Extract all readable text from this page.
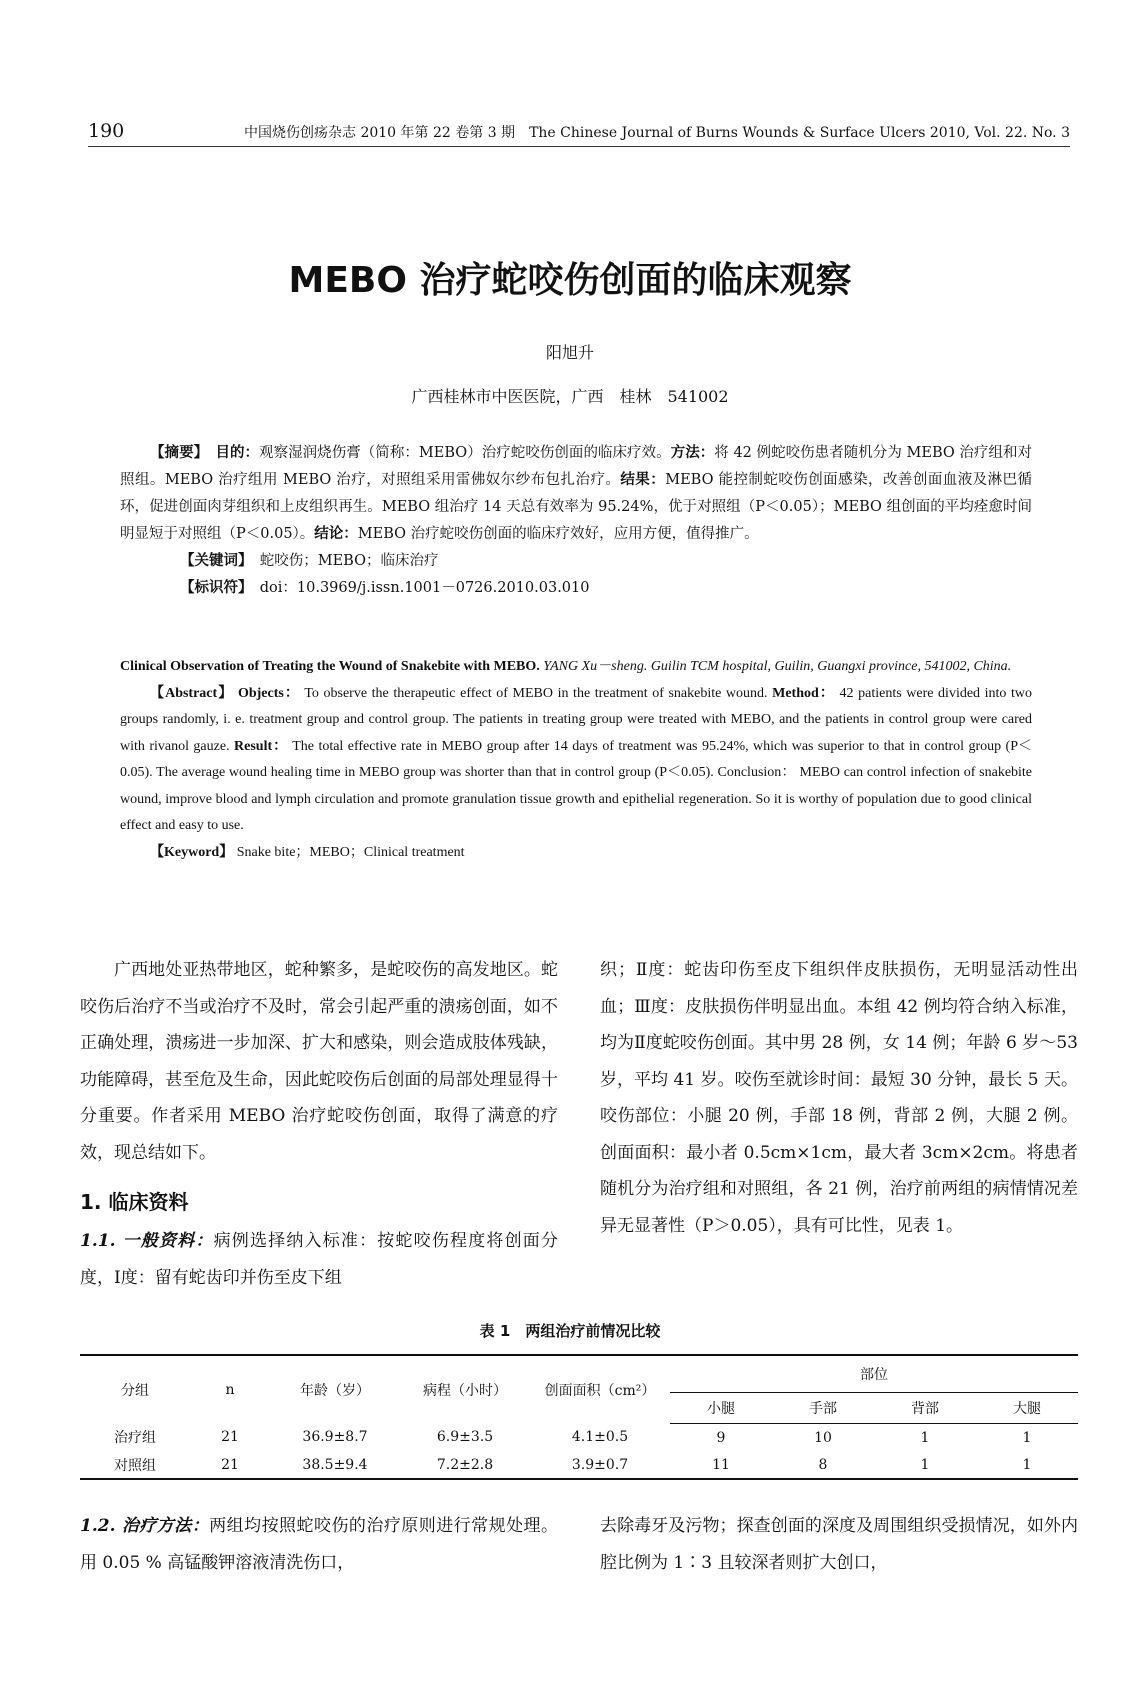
190	中国烧伤创疡杂志 2010 年第 22 卷第 3 期　 The Chinese Journal of Burns Wounds & Surface Ulcers 2010, Vol. 22. No. 3
MEBO 治疗蛇咬伤创面的临床观察
阳旭升
广西桂林市中医医院，广西　桂林　541002

【摘要】　 目的：观察湿润烧伤膏（简称：MEBO）治疗蛇咬伤创面的临床疗效。方法：将 42 例蛇咬伤患者随机分为 MEBO 治疗组和对照组。MEBO 治疗组用 MEBO 治疗，对照组采用雷佛奴尔纱布包扎治疗。结果：MEBO 能控制蛇咬伤创面感染，改善创面血液及淋巴循环，促进创面肉芽组织和上皮组织再生。MEBO 组治疗 14 天总有效率为 95.24%，优于对照组（P＜0.05）；MEBO 组创面的平均痊愈时间明显短于对照组（P＜0.05）。结论：MEBO 治疗蛇咬伤创面的临床疗效好，应用方便，值得推广。

【关键词】　 蛇咬伤；MEBO；临床治疗

【标识符】　 doi：10.3969/j.issn.1001－0726.2010.03.010

Clinical Observation of Treating the Wound of Snakebite with MEBO. YANG Xu－sheng. Guilin TCM hospital, Guilin, Guangxi province, 541002, China.

【Abstract】 Objects： To observe the therapeutic effect of MEBO in the treatment of snakebite wound. Method： 42 patients were divided into two groups randomly, i. e. treatment group and control group. The patients in treating group were treated with MEBO, and the patients in control group were cared with rivanol gauze. Result： The total effective rate in MEBO group after 14 days of treatment was 95.24%, which was superior to that in control group (P＜0.05). The average wound healing time in MEBO group was shorter than that in control group (P＜0.05). Conclusion： MEBO can control infection of snakebite wound, improve blood and lymph circulation and promote granulation tissue growth and epithelial regeneration. So it is worthy of population due to good clinical effect and easy to use.

【Keyword】 Snake bite；MEBO；Clinical treatment

广西地处亚热带地区，蛇种繁多，是蛇咬伤的高发地区。蛇咬伤后治疗不当或治疗不及时，常会引起严重的溃疡创面，如不正确处理，溃疡进一步加深、扩大和感染，则会造成肢体残缺，功能障碍，甚至危及生命，因此蛇咬伤后创面的局部处理显得十分重要。作者采用 MEBO 治疗蛇咬伤创面，取得了满意的疗效，现总结如下。

1. 临床资料

1.1. 一般资料：病例选择纳入标准：按蛇咬伤程度将创面分度，Ⅰ度：留有蛇齿印并伤至皮下组

织；Ⅱ度：蛇齿印伤至皮下组织伴皮肤损伤，无明显活动性出血；Ⅲ度：皮肤损伤伴明显出血。本组 42 例均符合纳入标准，均为Ⅱ度蛇咬伤创面。其中男 28 例，女 14 例；年龄 6 岁～53 岁，平均 41 岁。咬伤至就诊时间：最短 30 分钟，最长 5 天。咬伤部位：小腿 20 例，手部 18 例，背部 2 例，大腿 2 例。创面面积：最小者 0.5cm×1cm，最大者 3cm×2cm。将患者随机分为治疗组和对照组，各 21 例，治疗前两组的病情情况差异无显著性（P＞0.05），具有可比性，见表 1。

表 1　两组治疗前情况比较
分组	n	年龄（岁）	病程（小时）	创面面积（cm²）	部位			
					小腿	手部	背部	大腿
治疗组	21	36.9±8.7	6.9±3.5	4.1±0.5	9	10	1	1
对照组	21	38.5±9.4	7.2±2.8	3.9±0.7	11	8	1	1

1.2. 治疗方法：两组均按照蛇咬伤的治疗原则进行常规处理。用 0.05 % 高锰酸钾溶液清洗伤口，

去除毒牙及污物；探查创面的深度及周围组织受损情况，如外内腔比例为 1∶3 且较深者则扩大创口，
